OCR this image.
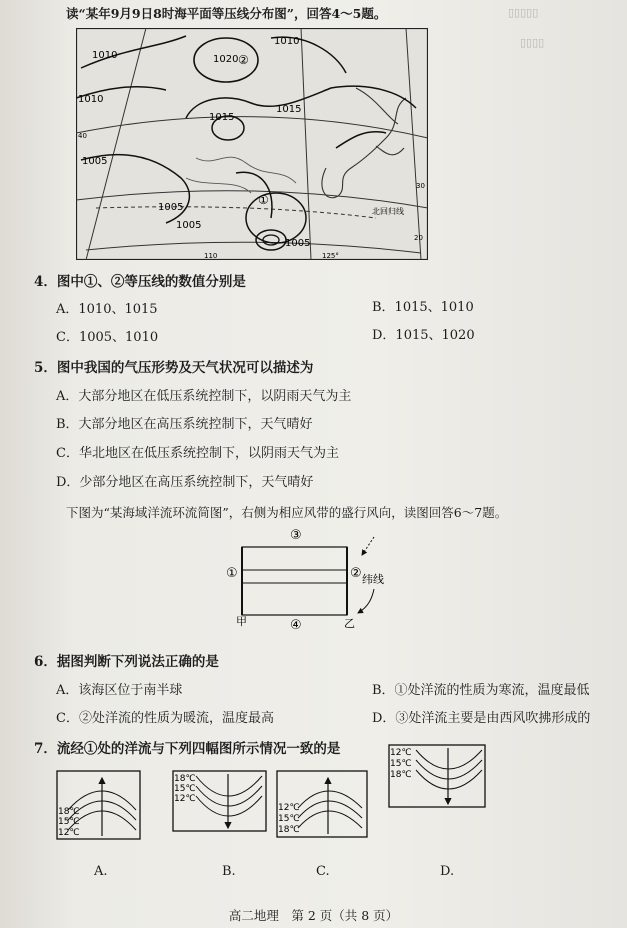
▯▯▯▯▯
▯▯▯▯
读“某年9月9日8时海平面等压线分布图”，回答4～5题。
1010	1020
1010
1015
1015
1010
1005
1005
1005
1005
①
②
北回归线
40
30
20
110	125°
4．图中①、②等压线的数值分别是
A．1010、1015	B．1015、1010
C．1005、1010	D．1015、1020
5．图中我国的气压形势及天气状况可以描述为
A．大部分地区在低压系统控制下，以阴雨天气为主
B．大部分地区在高压系统控制下，天气晴好
C．华北地区在低压系统控制下，以阴雨天气为主
D．少部分地区在高压系统控制下，天气晴好
下图为“某海域洋流环流简图”，右侧为相应风带的盛行风向，读图回答6～7题。
③
①	②
④
甲	乙
纬线
6．据图判断下列说法正确的是
A．该海区位于南半球	B．①处洋流的性质为寒流，温度最低
C．②处洋流的性质为暖流，温度最高	D．③处洋流主要是由西风吹拂形成的
7．流经①处的洋流与下列四幅图所示情况一致的是
18℃
15℃
12℃
18℃
15℃
12℃
12℃
15℃
18℃
12℃
15℃
18℃
A.	B.	C.	D.
高二地理　第 2 页（共 8 页）
